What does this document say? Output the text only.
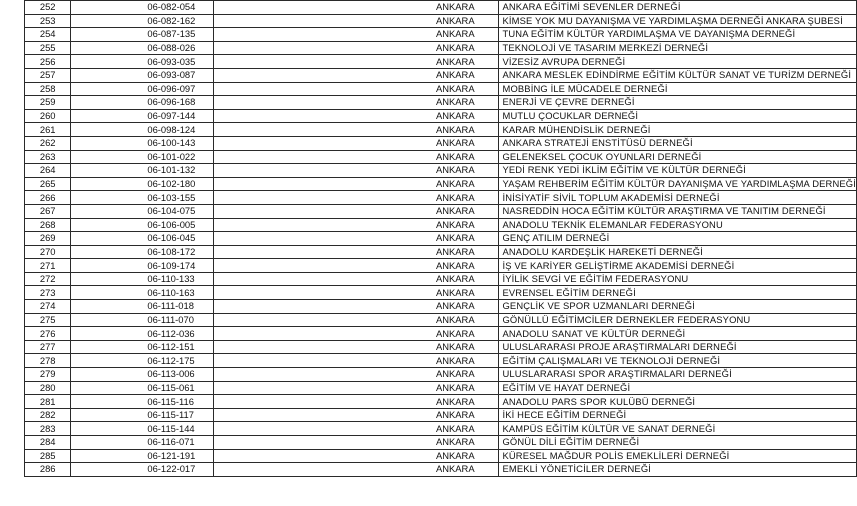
252	06-082-054	ANKARA	ANKARA EĞİTİMİ SEVENLER DERNEĞİ
253	06-082-162	ANKARA	KİMSE YOK MU DAYANIŞMA VE YARDIMLAŞMA DERNEĞİ ANKARA ŞUBESİ
254	06-087-135	ANKARA	TUNA EĞİTİM KÜLTÜR YARDIMLAŞMA VE DAYANIŞMA DERNEĞİ
255	06-088-026	ANKARA	TEKNOLOJİ VE TASARIM MERKEZİ DERNEĞİ
256	06-093-035	ANKARA	VİZESİZ AVRUPA DERNEĞİ
257	06-093-087	ANKARA	ANKARA MESLEK EDİNDİRME EĞİTİM KÜLTÜR SANAT VE TURİZM DERNEĞİ
258	06-096-097	ANKARA	MOBBİNG İLE MÜCADELE DERNEĞİ
259	06-096-168	ANKARA	ENERJİ VE ÇEVRE DERNEĞİ
260	06-097-144	ANKARA	MUTLU ÇOCUKLAR DERNEĞİ
261	06-098-124	ANKARA	KARAR MÜHENDİSLİK DERNEĞİ
262	06-100-143	ANKARA	ANKARA STRATEJİ ENSTİTÜSÜ DERNEĞİ
263	06-101-022	ANKARA	GELENEKSEL ÇOCUK OYUNLARI DERNEĞİ
264	06-101-132	ANKARA	YEDİ RENK YEDİ İKLİM EĞİTİM VE KÜLTÜR DERNEĞİ
265	06-102-180	ANKARA	YAŞAM REHBERİM EĞİTİM KÜLTÜR DAYANIŞMA VE YARDIMLAŞMA DERNEĞİ
266	06-103-155	ANKARA	İNİSİYATİF SİVİL TOPLUM AKADEMİSİ DERNEĞİ
267	06-104-075	ANKARA	NASREDDİN HOCA EĞİTİM KÜLTÜR ARAŞTIRMA VE TANITIM DERNEĞİ
268	06-106-005	ANKARA	ANADOLU TEKNİK ELEMANLAR FEDERASYONU
269	06-106-045	ANKARA	GENÇ ATILIM DERNEĞİ
270	06-108-172	ANKARA	ANADOLU KARDEŞLİK HAREKETİ DERNEĞİ
271	06-109-174	ANKARA	İŞ VE KARİYER GELİŞTİRME AKADEMİSİ DERNEĞİ
272	06-110-133	ANKARA	İYİLİK SEVGİ VE EĞİTİM FEDERASYONU
273	06-110-163	ANKARA	EVRENSEL EĞİTİM DERNEĞİ
274	06-111-018	ANKARA	GENÇLİK VE SPOR UZMANLARI DERNEĞİ
275	06-111-070	ANKARA	GÖNÜLLÜ EĞİTİMCİLER DERNEKLER FEDERASYONU
276	06-112-036	ANKARA	ANADOLU SANAT VE KÜLTÜR DERNEĞİ
277	06-112-151	ANKARA	ULUSLARARASI PROJE ARAŞTIRMALARI DERNEĞİ
278	06-112-175	ANKARA	EĞİTİM ÇALIŞMALARI VE TEKNOLOJİ DERNEĞİ
279	06-113-006	ANKARA	ULUSLARARASI SPOR ARAŞTIRMALARI DERNEĞİ
280	06-115-061	ANKARA	EĞİTİM VE HAYAT DERNEĞİ
281	06-115-116	ANKARA	ANADOLU PARS SPOR KULÜBÜ DERNEĞİ
282	06-115-117	ANKARA	İKİ HECE EĞİTİM DERNEĞİ
283	06-115-144	ANKARA	KAMPÜS EĞİTİM KÜLTÜR VE SANAT DERNEĞİ
284	06-116-071	ANKARA	GÖNÜL DİLİ EĞİTİM DERNEĞİ
285	06-121-191	ANKARA	KÜRESEL MAĞDUR POLİS EMEKLİLERİ DERNEĞİ
286	06-122-017	ANKARA	EMEKLİ YÖNETİCİLER DERNEĞİ
